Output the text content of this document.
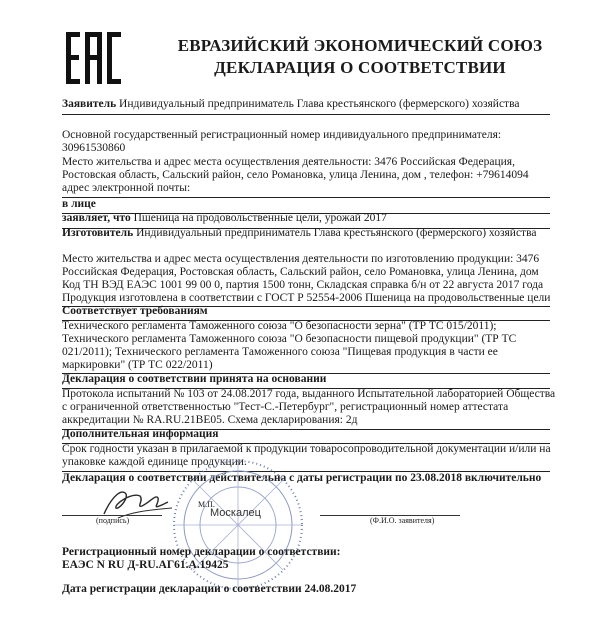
ЕВРАЗИЙСКИЙ ЭКОНОМИЧЕСКИЙ СОЮЗ
ДЕКЛАРАЦИЯ О СООТВЕТСТВИИ
Заявитель Индивидуальный предприниматель Глава крестьянского (фермерского) хозяйства
Основной государственный регистрационный номер индивидуального предпринимателя:
30961530860
Место жительства и адрес места осуществления деятельности: 3476 Российская Федерация,
Ростовская область, Сальский район, село Романовка, улица Ленина, дом , телефон: +79614094
адрес электронной почты:
в лице
заявляет, что Пшеница на продовольственные цели, урожай 2017
Изготовитель Индивидуальный предприниматель Глава крестьянского (фермерского) хозяйства
Место жительства и адрес места осуществления деятельности по изготовлению продукции: 3476
Российская Федерация, Ростовская область, Сальский район, село Романовка, улица Ленина, дом
Код ТН ВЭД ЕАЭС 1001 99 00 0, партия 1500 тонн, Складская справка б/н от 22 августа 2017 года
Продукция изготовлена в соответствии с ГОСТ Р 52554-2006 Пшеница на продовольственные цели
Соответствует требованиям
Технического регламента Таможенного союза "О безопасности зерна" (ТР ТС 015/2011);
Технического регламента Таможенного союза "О безопасности пищевой продукции" (ТР ТС
021/2011); Технического регламента Таможенного союза "Пищевая продукция в части ее
маркировки" (ТР ТС 022/2011)
Декларация о соответствии принята на основании
Протокола испытаний № 103 от 24.08.2017 года, выданного Испытательной лабораторией Общества
с ограниченной ответственностью "Тест-С.-Петербург", регистрационный номер аттестата
аккредитации № RA.RU.21BE05. Схема декларирования: 2д
Дополнительная информация
Срок годности указан в прилагаемой к продукции товаросопроводительной документации и/или на
упаковке каждой единице продукции.
Декларация о соответствии действительна с даты регистрации по 23.08.2018 включительно
(подпись)
М.П.
Москалец
(Ф.И.О. заявителя)
Регистрационный номер декларации о соответствии:
ЕАЭС N RU Д-RU.АГ61.А.19425
Дата регистрации декларации о соответствии 24.08.2017
